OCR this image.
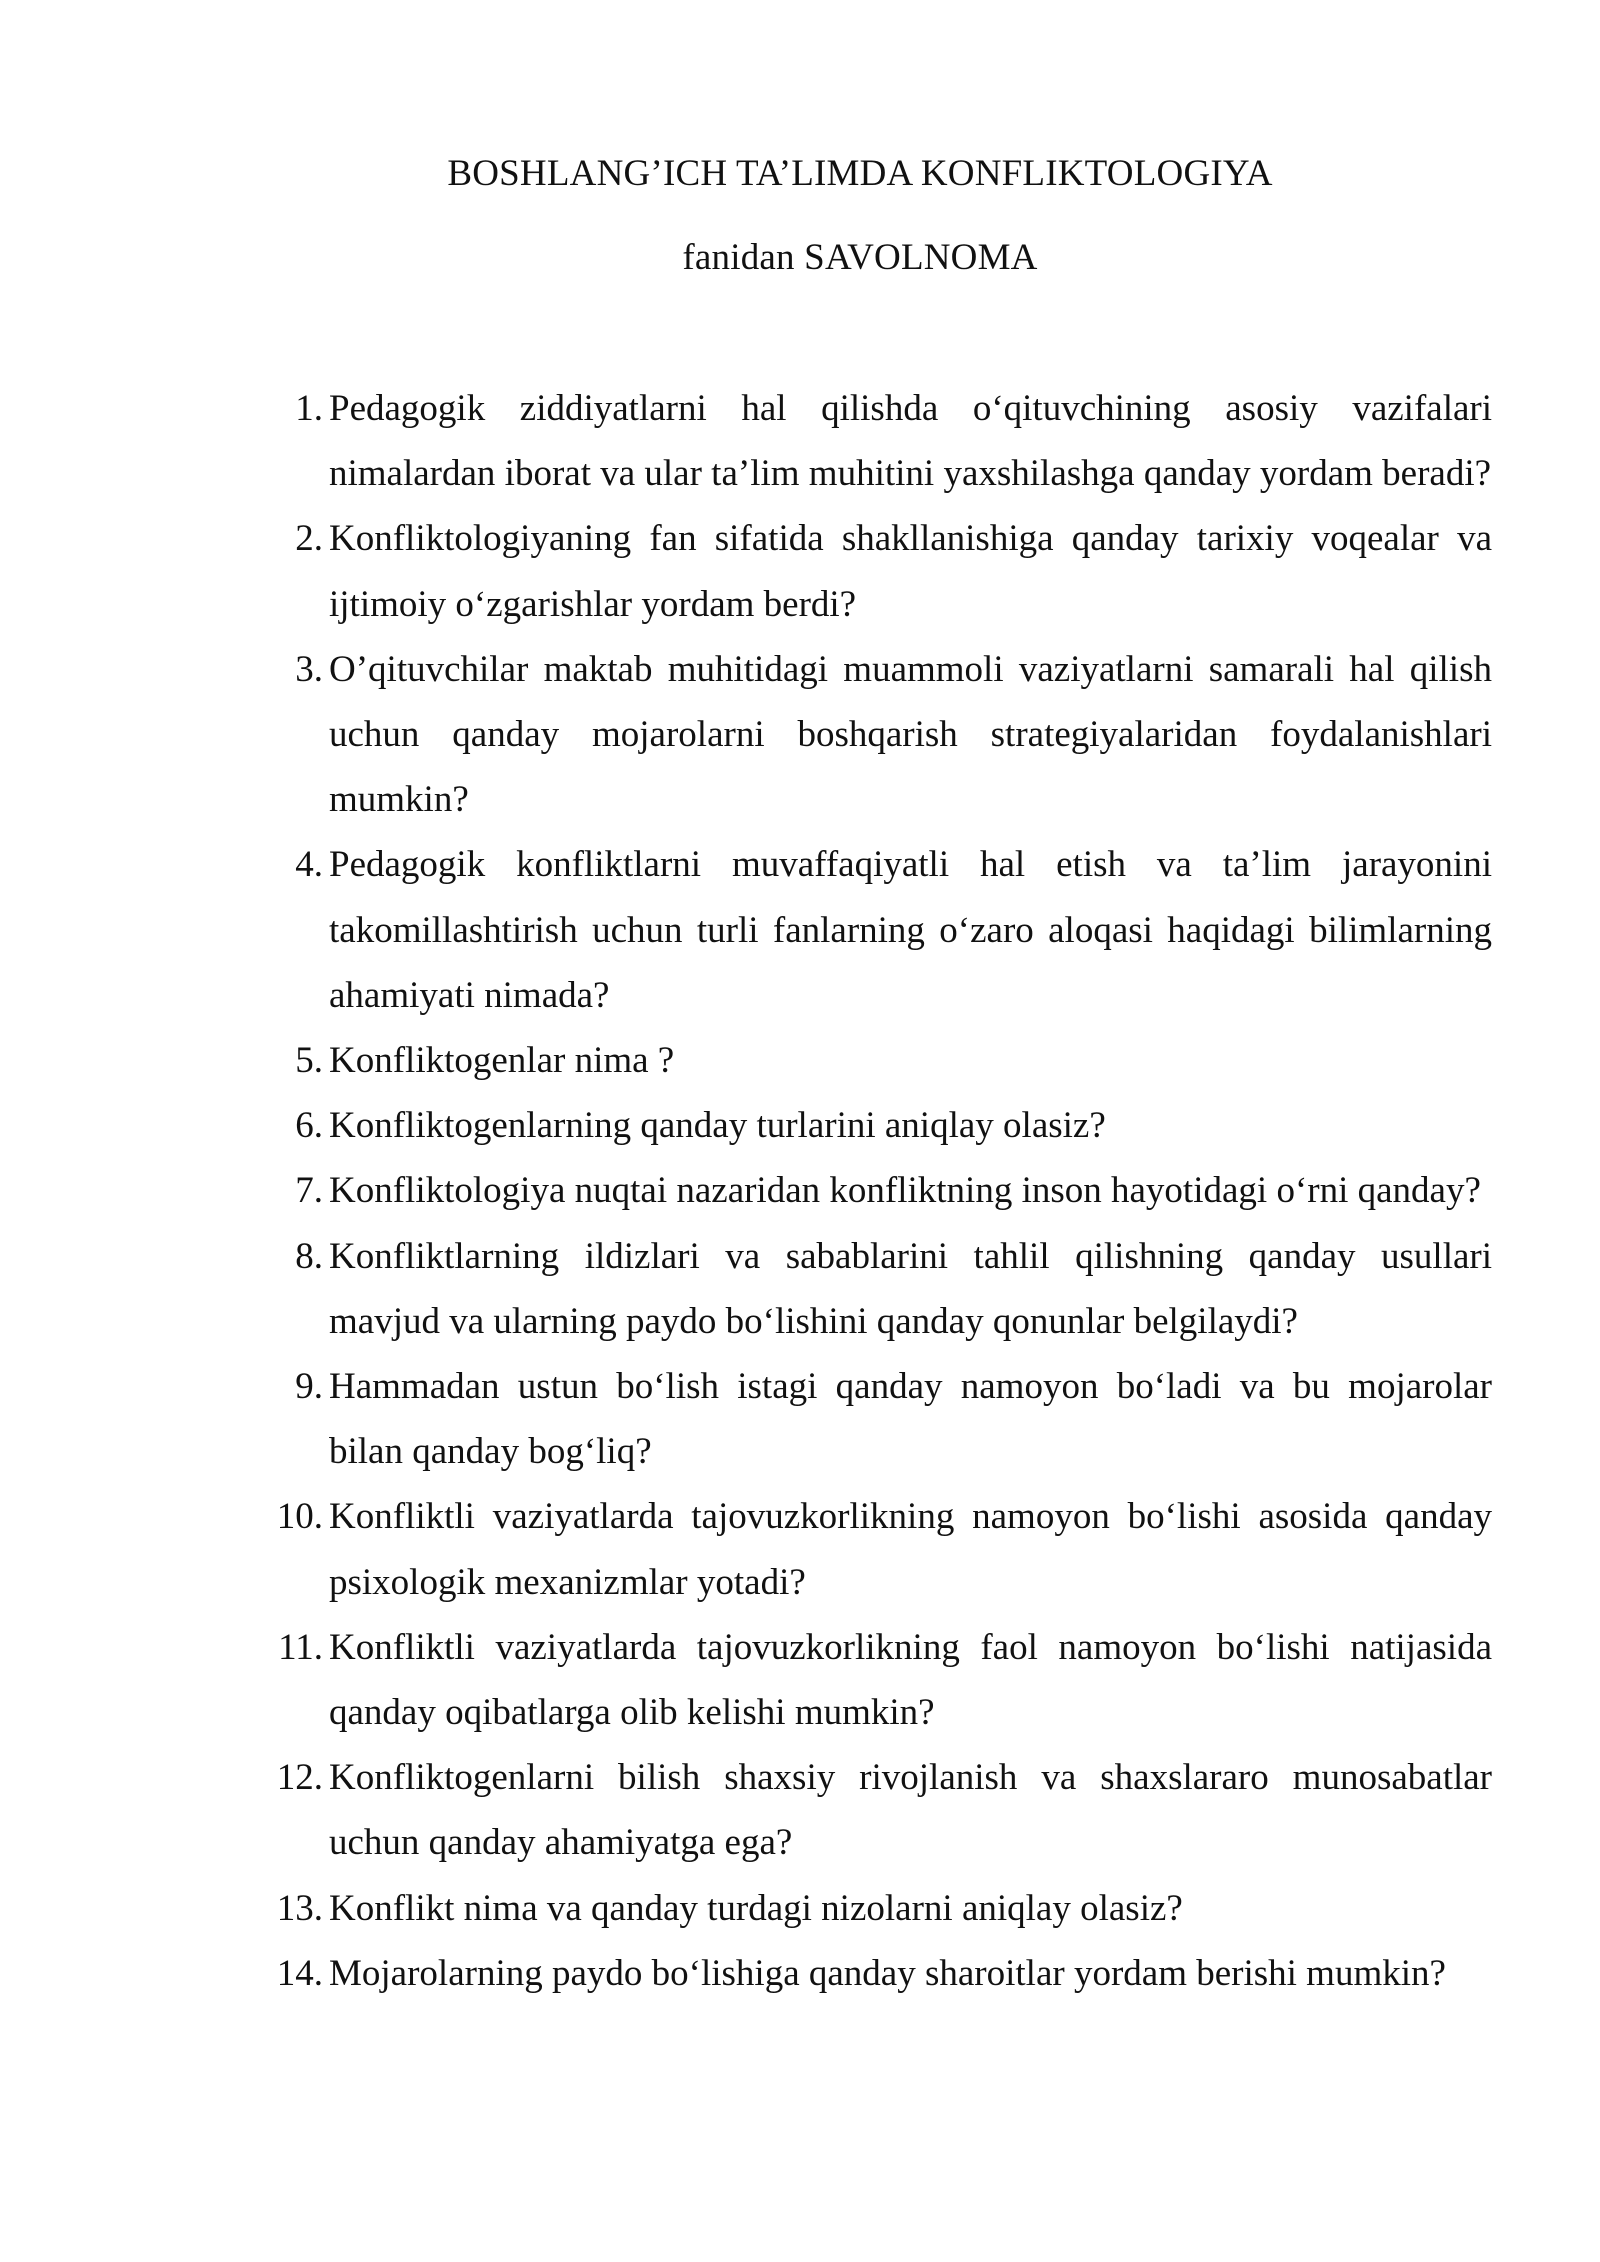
BOSHLANG’ICH TA’LIMDA KONFLIKTOLOGIYA
fanidan SAVOLNOMA
1. Pedagogik ziddiyatlarni hal qilishda o‘qituvchining asosiy vazifalari nimalardan iborat va ular ta’lim muhitini yaxshilashga qanday yordam beradi?
2. Konfliktologiyaning fan sifatida shakllanishiga qanday tarixiy voqealar va ijtimoiy o‘zgarishlar yordam berdi?
3. O’qituvchilar maktab muhitidagi muammoli vaziyatlarni samarali hal qilish uchun qanday mojarolarni boshqarish strategiyalaridan foydalanishlari mumkin?
4. Pedagogik konfliktlarni muvaffaqiyatli hal etish va ta’lim jarayonini takomillashtirish uchun turli fanlarning o‘zaro aloqasi haqidagi bilimlarning ahamiyati nimada?
5. Konfliktogenlar nima ?
6. Konfliktogenlarning qanday turlarini aniqlay olasiz?
7. Konfliktologiya nuqtai nazaridan konfliktning inson hayotidagi o‘rni qanday?
8. Konfliktlarning ildizlari va sabablarini tahlil qilishning qanday usullari mavjud va ularning paydo bo‘lishini qanday qonunlar belgilaydi?
9. Hammadan ustun bo‘lish istagi qanday namoyon bo‘ladi va bu mojarolar bilan qanday bog‘liq?
10. Konfliktli vaziyatlarda tajovuzkorlikning namoyon bo‘lishi asosida qanday psixologik mexanizmlar yotadi?
11. Konfliktli vaziyatlarda tajovuzkorlikning faol namoyon bo‘lishi natijasida qanday oqibatlarga olib kelishi mumkin?
12. Konfliktogenlarni bilish shaxsiy rivojlanish va shaxslararo munosabatlar uchun qanday ahamiyatga ega?
13. Konflikt nima va qanday turdagi nizolarni aniqlay olasiz?
14. Mojarolarning paydo bo‘lishiga qanday sharoitlar yordam berishi mumkin?
